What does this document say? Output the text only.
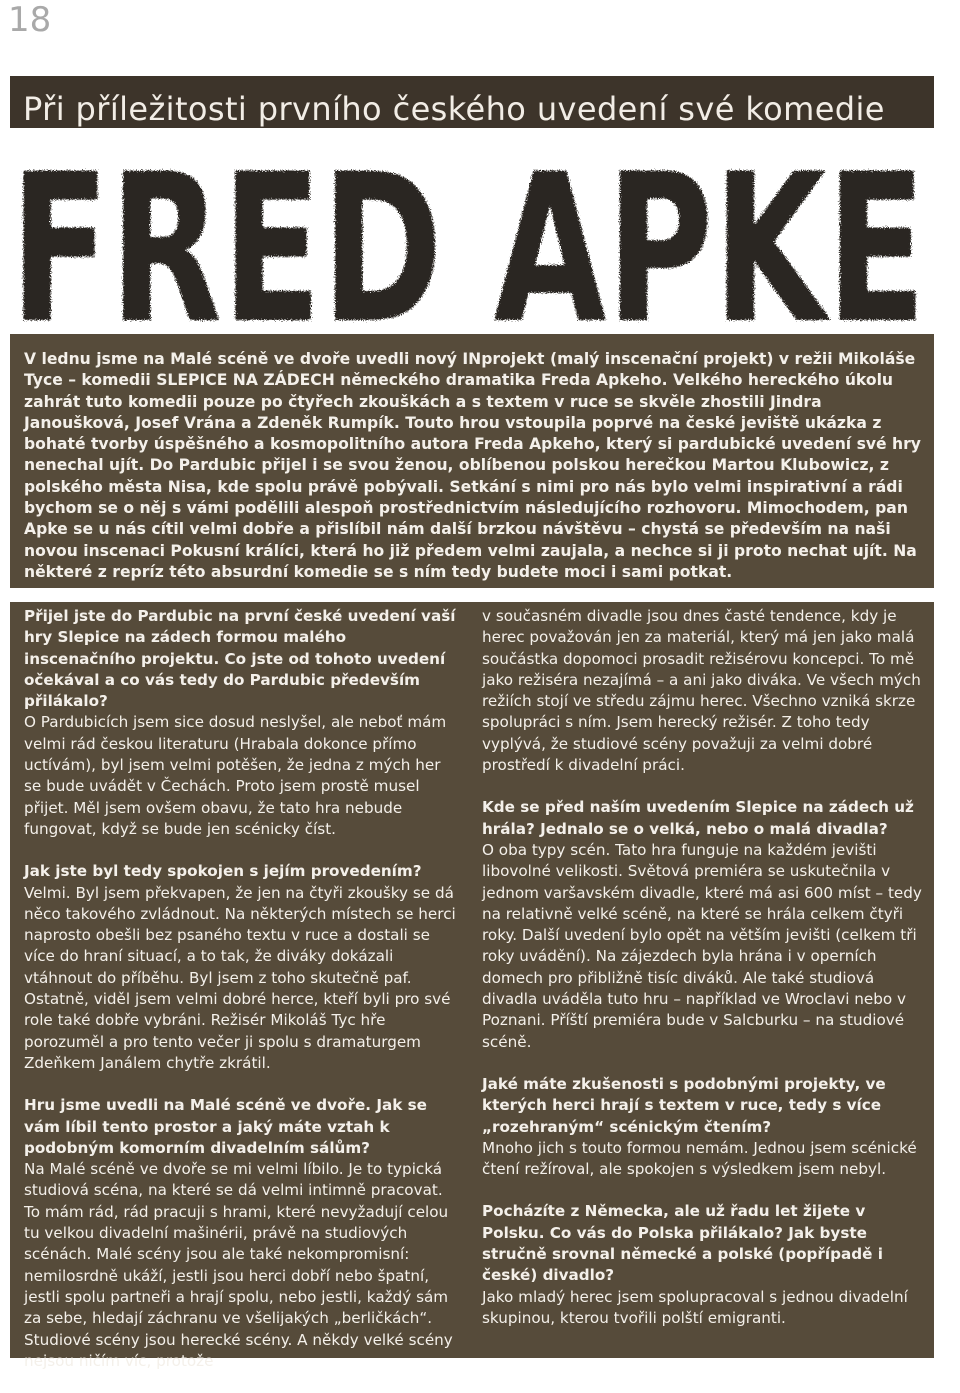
18
Při příležitosti prvního českého uvedení své komedie
FRED APKE
V lednu jsme na Malé scéně ve dvoře uvedli nový INprojekt (malý inscenační projekt) v režii Mikoláše Tyce – komedii SLEPICE NA ZÁDECH německého dramatika Freda Apkeho. Velkého hereckého úkolu zahrát tuto komedii pouze po čtyřech zkouškách a s textem v ruce se skvěle zhostili Jindra Janoušková, Josef Vrána a Zdeněk Rumpík. Touto hrou vstoupila poprvé na české jeviště ukázka z bohaté tvorby úspěšného a kosmopolitního autora Freda Apkeho, který si pardubické uvedení své hry nenechal ujít. Do Pardubic přijel i se svou ženou, oblíbenou polskou herečkou Martou Klubowicz, z polského města Nisa, kde spolu právě pobývali. Setkání s nimi pro nás bylo velmi inspirativní a rádi bychom se o něj s vámi podělili alespoň prostřednictvím následujícího rozhovoru. Mimochodem, pan Apke se u nás cítil velmi dobře a přislíbil nám další brzkou návštěvu – chystá se především na naši novou inscenaci Pokusní králíci, která ho již předem velmi zaujala, a nechce si ji proto nechat ujít. Na některé z repríz této absurdní komedie se s ním tedy budete moci i sami potkat.

Přijel jste do Pardubic na první české uvedení vaší hry Slepice na zádech formou malého inscenačního projektu. Co jste od tohoto uvedení očekával a co vás tedy do Pardubic především přilákalo?

O Pardubicích jsem sice dosud neslyšel, ale neboť mám velmi rád českou literaturu (Hrabala dokonce přímo uctívám), byl jsem velmi potěšen, že jedna z mých her se bude uvádět v Čechách. Proto jsem prostě musel přijet. Měl jsem ovšem obavu, že tato hra nebude fungovat, když se bude jen scénicky číst.

Jak jste byl tedy spokojen s jejím provedením?

Velmi. Byl jsem překvapen, že jen na čtyři zkoušky se dá něco takového zvládnout. Na některých místech se herci naprosto obešli bez psaného textu v ruce a dostali se více do hraní situací, a to tak, že diváky dokázali vtáhnout do příběhu. Byl jsem z toho skutečně paf. Ostatně, viděl jsem velmi dobré herce, kteří byli pro své role také dobře vybráni. Režisér Mikoláš Tyc hře porozuměl a pro tento večer ji spolu s dramaturgem Zdeňkem Janálem chytře zkrátil.

Hru jsme uvedli na Malé scéně ve dvoře. Jak se vám líbil tento prostor a jaký máte vztah k podobným komorním divadelním sálům?

Na Malé scéně ve dvoře se mi velmi líbilo. Je to typická studiová scéna, na které se dá velmi intimně pracovat. To mám rád, rád pracuji s hrami, které nevyžadují celou tu velkou divadelní mašinérii, právě na studiových scénách. Malé scény jsou ale také nekompromisní: nemilosrdně ukáží, jestli jsou herci dobří nebo špatní, jestli spolu partneři a hrají spolu, nebo jestli, každý sám za sebe, hledají záchranu ve všelijakých „berličkách“. Studiové scény jsou herecké scény. A někdy velké scény nejsou ničím víc, protože

v současném divadle jsou dnes časté tendence, kdy je herec považován jen za materiál, který má jen jako malá součástka dopomoci prosadit režisérovu koncepci. To mě jako režiséra nezajímá – a ani jako diváka. Ve všech mých režiích stojí ve středu zájmu herec. Všechno vzniká skrze spolupráci s ním. Jsem herecký režisér. Z toho tedy vyplývá, že studiové scény považuji za velmi dobré prostředí k divadelní práci.

Kde se před naším uvedením Slepice na zádech už hrála? Jednalo se o velká, nebo o malá divadla?

O oba typy scén. Tato hra funguje na každém jevišti libovolné velikosti. Světová premiéra se uskutečnila v jednom varšavském divadle, které má asi 600 míst – tedy na relativně velké scéně, na které se hrála celkem čtyři roky. Další uvedení bylo opět na větším jevišti (celkem tři roky uvádění). Na zájezdech byla hrána i v operních domech pro přibližně tisíc diváků. Ale také studiová divadla uváděla tuto hru – například ve Wroclavi nebo v Poznani. Příští premiéra bude v Salcburku – na studiové scéně.

Jaké máte zkušenosti s podobnými projekty, ve kterých herci hrají s textem v ruce, tedy s více „rozehraným“ scénickým čtením?

Mnoho jich s touto formou nemám. Jednou jsem scénické čtení režíroval, ale spokojen s výsledkem jsem nebyl.

Pocházíte z Německa, ale už řadu let žijete v Polsku. Co vás do Polska přilákalo? Jak byste stručně srovnal německé a polské (popřípadě i české) divadlo?

Jako mladý herec jsem spolupracoval s jednou divadelní skupinou, kterou tvořili polští emigranti.
